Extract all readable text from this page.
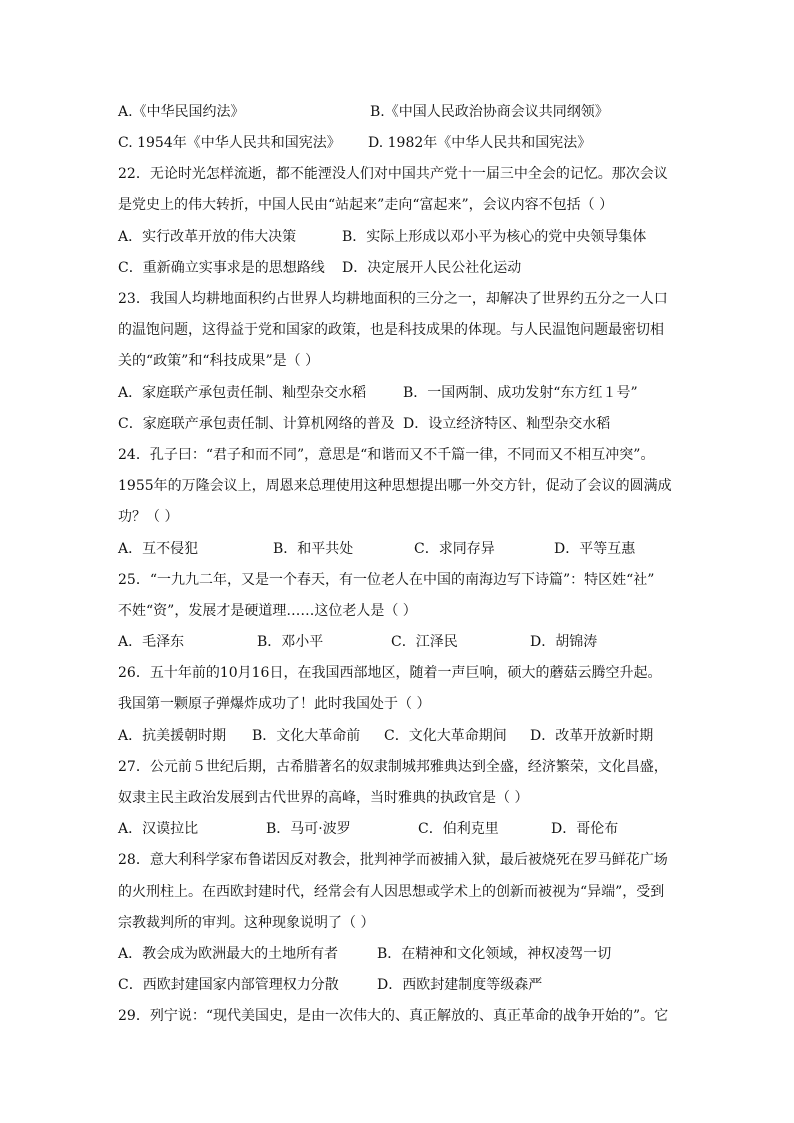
A.《中华民国约法》	B.《中国人民政治协商会议共同纲领》
C. 1954年《中华人民共和国宪法》 D. 1982年《中华人民共和国宪法》
22．无论时光怎样流逝，都不能湮没人们对中国共产党十一届三中全会的记忆。那次会议
是党史上的伟大转折，中国人民由“站起来”走向“富起来”，会议内容不包括（ ）
A．实行改革开放的伟大决策	B．实际上形成以邓小平为核心的党中央领导集体
C．重新确立实事求是的思想路线 D．决定展开人民公社化运动
23．我国人均耕地面积约占世界人均耕地面积的三分之一，却解决了世界约五分之一人口
的温饱问题，这得益于党和国家的政策，也是科技成果的体现。与人民温饱问题最密切相
关的“政策”和“科技成果”是（ ）
A．家庭联产承包责任制、籼型杂交水稻	B．一国两制、成功发射“东方红１号”
C．家庭联产承包责任制、计算机网络的普及 D．设立经济特区、籼型杂交水稻
24．孔子曰：“君子和而不同”，意思是“和谐而又不千篇一律，不同而又不相互冲突”。
1955年的万隆会议上，周恩来总理使用这种思想提出哪一外交方针，促动了会议的圆满成
功？（ ）
A．互不侵犯	B．和平共处	C．求同存异	D．平等互惠
25．“一九九二年，又是一个春天，有一位老人在中国的南海边写下诗篇”：特区姓“社”
不姓“资”，发展才是硬道理……这位老人是（ ）
A．毛泽东	B．邓小平	C．江泽民	D．胡锦涛
26．五十年前的10月16日，在我国西部地区，随着一声巨响，硕大的蘑菇云腾空升起。
我国第一颗原子弹爆炸成功了！此时我国处于（ ）
A．抗美援朝时期 B．文化大革命前 C．文化大革命期间 D．改革开放新时期
27．公元前５世纪后期，古希腊著名的奴隶制城邦雅典达到全盛，经济繁荣，文化昌盛，
奴隶主民主政治发展到古代世界的高峰，当时雅典的执政官是（ ）
A．汉谟拉比	B．马可·波罗	C．伯利克里	D．哥伦布
28．意大利科学家布鲁诺因反对教会，批判神学而被捕入狱，最后被烧死在罗马鲜花广场
的火刑柱上。在西欧封建时代，经常会有人因思想或学术上的创新而被视为“异端”，受到
宗教裁判所的审判。这种现象说明了（ ）
A．教会成为欧洲最大的土地所有者	B．在精神和文化领域，神权凌驾一切
C．西欧封建国家内部管理权力分散	D．西欧封建制度等级森严
29．列宁说：“现代美国史，是由一次伟大的、真正解放的、真正革命的战争开始的”。它
